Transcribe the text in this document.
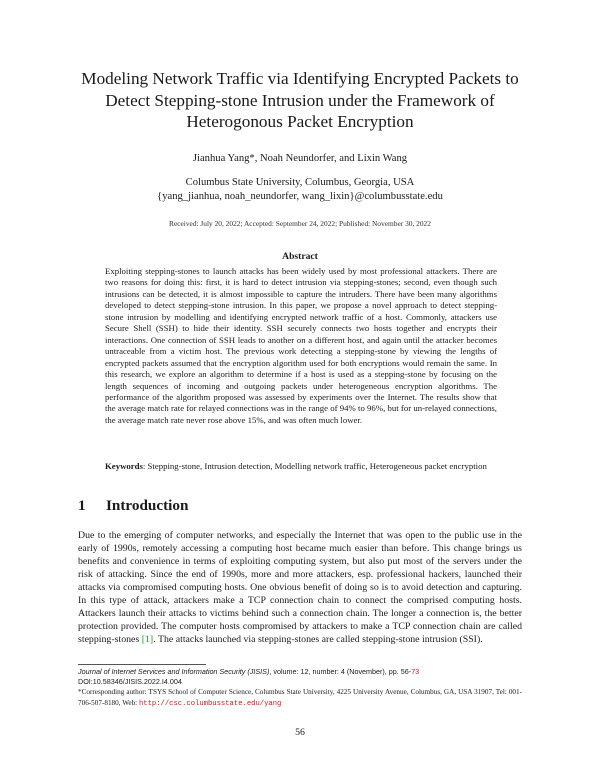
Modeling Network Traffic via Identifying Encrypted Packets to Detect Stepping-stone Intrusion under the Framework of Heterogonous Packet Encryption
Jianhua Yang*, Noah Neundorfer, and Lixin Wang
Columbus State University, Columbus, Georgia, USA
{yang_jianhua, noah_neundorfer, wang_lixin}@columbusstate.edu
Received: July 20, 2022; Accepted: September 24, 2022; Published: November 30, 2022
Abstract
Exploiting stepping-stones to launch attacks has been widely used by most professional attackers. There are two reasons for doing this: first, it is hard to detect intrusion via stepping-stones; second, even though such intrusions can be detected, it is almost impossible to capture the intruders. There have been many algorithms developed to detect stepping-stone intrusion. In this paper, we propose a novel approach to detect stepping-stone intrusion by modelling and identifying encrypted network traffic of a host. Commonly, attackers use Secure Shell (SSH) to hide their identity. SSH securely connects two hosts together and encrypts their interactions. One connection of SSH leads to another on a different host, and again until the attacker becomes untraceable from a victim host. The previous work detecting a stepping-stone by viewing the lengths of encrypted packets assumed that the encryption algorithm used for both encryptions would remain the same. In this research, we explore an algorithm to determine if a host is used as a stepping-stone by focusing on the length sequences of incoming and outgoing packets under heterogeneous encryption algorithms. The performance of the algorithm proposed was assessed by experiments over the Internet. The results show that the average match rate for relayed connections was in the range of 94% to 96%, but for un-relayed connections, the average match rate never rose above 15%, and was often much lower.
Keywords: Stepping-stone, Intrusion detection, Modelling network traffic, Heterogeneous packet encryption
1 Introduction
Due to the emerging of computer networks, and especially the Internet that was open to the public use in the early of 1990s, remotely accessing a computing host became much easier than before. This change brings us benefits and convenience in terms of exploiting computing system, but also put most of the servers under the risk of attacking. Since the end of 1990s, more and more attackers, esp. professional hackers, launched their attacks via compromised computing hosts. One obvious benefit of doing so is to avoid detection and capturing. In this type of attack, attackers make a TCP connection chain to connect the comprised computing hosts. Attackers launch their attacks to victims behind such a connection chain. The longer a connection is, the better protection provided. The computer hosts compromised by attackers to make a TCP connection chain are called stepping-stones [1]. The attacks launched via stepping-stones are called stepping-stone intrusion (SSI).
Journal of Internet Services and Information Security (JISIS), volume: 12, number: 4 (November), pp. 56-73
DOI:10.58346/JISIS.2022.I4.004
*Corresponding author: TSYS School of Computer Science, Columbus State University, 4225 University Avenue, Columbus, GA, USA 31907, Tel: 001-706-507-8180, Web: http://csc.columbusstate.edu/yang
56
